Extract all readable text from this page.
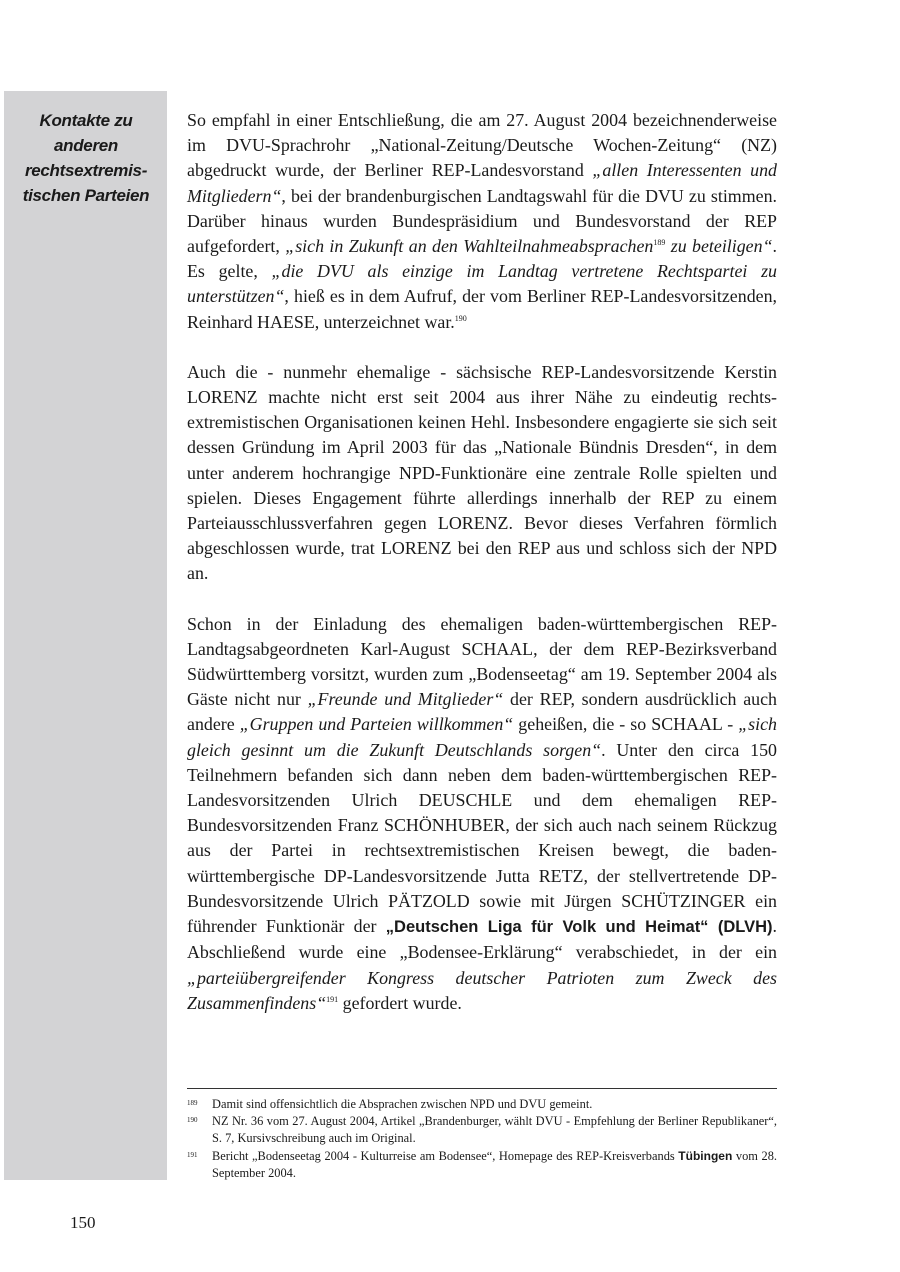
Kontakte zu
anderen
rechtsextremis-
tischen Parteien

So empfahl in einer Entschließung, die am 27. August 2004 bezeichnenderweise im DVU-Sprachrohr „National-Zeitung/Deutsche Wochen-Zeitung“ (NZ) abgedruckt wurde, der Berliner REP-Landesvorstand „allen Interessenten und Mitgliedern“, bei der brandenburgischen Landtagswahl für die DVU zu stimmen. Darüber hinaus wurden Bundespräsidium und Bundesvorstand der REP aufgefordert, „sich in Zukunft an den Wahlteilnahmeabsprachen$^{189}$ zu beteiligen“. Es gelte, „die DVU als einzige im Landtag vertretene Rechtspartei zu unterstützen“, hieß es in dem Aufruf, der vom Berliner REP-Landesvorsitzenden, Reinhard HAESE, unterzeichnet war.$^{190}$

Auch die - nunmehr ehemalige - sächsische REP-Landesvorsitzende Kerstin LORENZ machte nicht erst seit 2004 aus ihrer Nähe zu eindeutig rechtsextremistischen Organisationen keinen Hehl. Insbesondere engagierte sie sich seit dessen Gründung im April 2003 für das „Nationale Bündnis Dresden“, in dem unter anderem hochrangige NPD-Funktionäre eine zentrale Rolle spielten und spielen. Dieses Engagement führte allerdings innerhalb der REP zu einem Parteiausschlussverfahren gegen LORENZ. Bevor dieses Verfahren förmlich abgeschlossen wurde, trat LORENZ bei den REP aus und schloss sich der NPD an.

Schon in der Einladung des ehemaligen baden-württembergischen REP-Landtagsabgeordneten Karl-August SCHAAL, der dem REP-Bezirksverband Südwürttemberg vorsitzt, wurden zum „Bodenseetag“ am 19. September 2004 als Gäste nicht nur „Freunde und Mitglieder“ der REP, sondern ausdrücklich auch andere „Gruppen und Parteien willkommen“ geheißen, die - so SCHAAL - „sich gleich gesinnt um die Zukunft Deutschlands sorgen“. Unter den circa 150 Teilnehmern befanden sich dann neben dem baden-württembergischen REP-Landesvorsitzenden Ulrich DEUSCHLE und dem ehemaligen REP-Bundesvorsitzenden Franz SCHÖNHUBER, der sich auch nach seinem Rückzug aus der Partei in rechtsextremistischen Kreisen bewegt, die baden-württembergische DP-Landesvorsitzende Jutta RETZ, der stellvertretende DP-Bundesvorsitzende Ulrich PÄTZOLD sowie mit Jürgen SCHÜTZINGER ein führender Funktionär der „Deutschen Liga für Volk und Heimat“ (DLVH). Abschließend wurde eine „Bodensee-Erklärung“ verabschiedet, in der ein „parteiübergreifender Kongress deutscher Patrioten zum Zweck des Zusammenfindens“$^{191}$ gefordert wurde.

189	Damit sind offensichtlich die Absprachen zwischen NPD und DVU gemeint.
190	NZ Nr. 36 vom 27. August 2004, Artikel „Brandenburger, wählt DVU - Empfehlung der Berliner Republikaner“, S. 7, Kursivschreibung auch im Original.
191	Bericht „Bodenseetag 2004 - Kulturreise am Bodensee“, Homepage des REP-Kreisverbands Tübingen vom 28. September 2004.
150
